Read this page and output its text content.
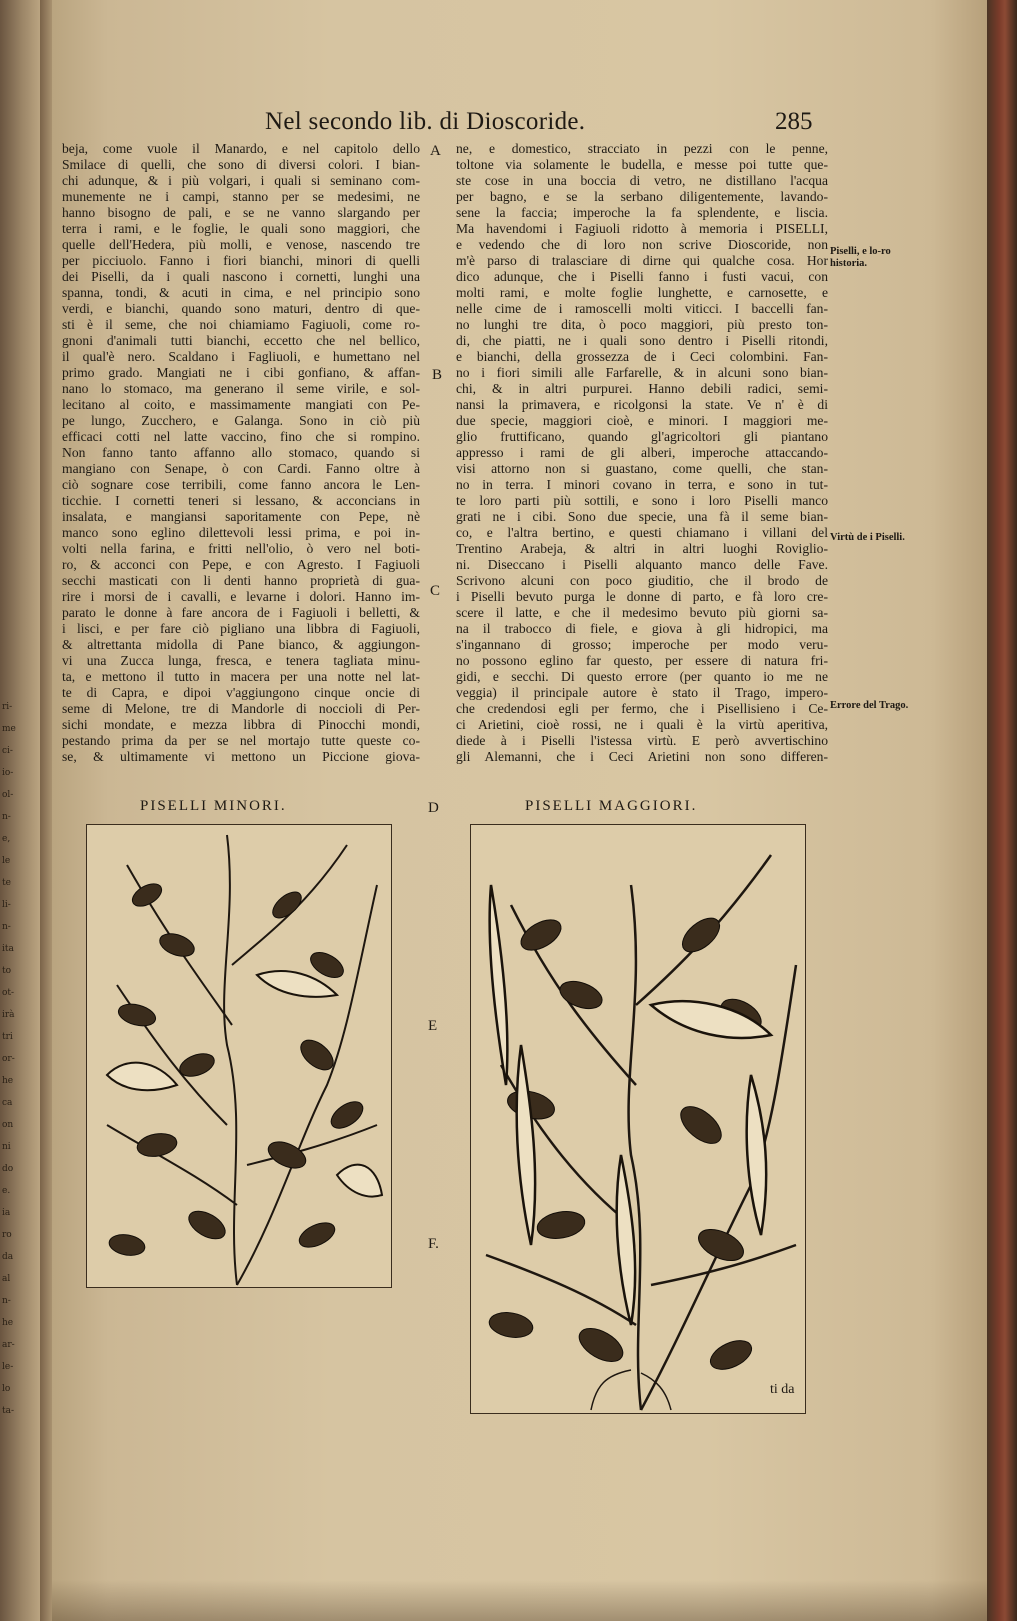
ri-
me
ci-
io-
ol-
n-
e,
le
te
li-
n-
ita
to
ot-
irà
tri
or-
he
ca
on
ni
do
e.
ia
ro
da
al
n-
he
ar-
le-
lo
ta-
Nel secondo lib. di Dioscoride.	285
beja, come vuole il Manardo, e nel capitolo dello
Smilace di quelli, che sono di diversi colori. I bian-
chi adunque, & i più volgari, i quali si seminano com-
munemente ne i campi, stanno per se medesimi, ne
hanno bisogno de pali, e se ne vanno slargando per
terra i rami, e le foglie, le quali sono maggiori, che
quelle dell'Hedera, più molli, e venose, nascendo tre
per picciuolo. Fanno i fiori bianchi, minori di quelli
dei Piselli, da i quali nascono i cornetti, lunghi una
spanna, tondi, & acuti in cima, e nel principio sono
verdi, e bianchi, quando sono maturi, dentro di que-
sti è il seme, che noi chiamiamo Fagiuoli, come ro-
gnoni d'animali tutti bianchi, eccetto che nel bellico,
il qual'è nero. Scaldano i Fagliuoli, e humettano nel
primo grado. Mangiati ne i cibi gonfiano, & affan-
nano lo stomaco, ma generano il seme virile, e sol-
lecitano al coito, e massimamente mangiati con Pe-
pe lungo, Zucchero, e Galanga. Sono in ciò più
efficaci cotti nel latte vaccino, fino che si rompino.
Non fanno tanto affanno allo stomaco, quando si
mangiano con Senape, ò con Cardi. Fanno oltre à
ciò sognare cose terribili, come fanno ancora le Len-
ticchie. I cornetti teneri si lessano, & acconcians in
insalata, e mangiansi saporitamente con Pepe, nè
manco sono eglino dilettevoli lessi prima, e poi in-
volti nella farina, e fritti nell'olio, ò vero nel boti-
ro, & acconci con Pepe, e con Agresto. I Fagiuoli
secchi masticati con li denti hanno proprietà di gua-
rire i morsi de i cavalli, e levarne i dolori. Hanno im-
parato le donne à fare ancora de i Fagiuoli i belletti, &
i lisci, e per fare ciò pigliano una libbra di Fagiuoli,
& altrettanta midolla di Pane bianco, & aggiungon-
vi una Zucca lunga, fresca, e tenera tagliata minu-
ta, e mettono il tutto in macera per una notte nel lat-
te di Capra, e dipoi v'aggiungono cinque oncie di
seme di Melone, tre di Mandorle di noccioli di Per-
sichi mondate, e mezza libbra di Pinocchi mondi,
pestando prima da per se nel mortajo tutte queste co-
se, & ultimamente vi mettono un Piccione giova-
ne, e domestico, stracciato in pezzi con le penne,
toltone via solamente le budella, e messe poi tutte que-
ste cose in una boccia di vetro, ne distillano l'acqua
per bagno, e se la serbano diligentemente, lavando-
sene la faccia; imperoche la fa splendente, e liscia.
Ma havendomi i Fagiuoli ridotto à memoria i PISELLI,
e vedendo che di loro non scrive Dioscoride, non
m'è parso di tralasciare di dirne qui qualche cosa. Hor
dico adunque, che i Piselli fanno i fusti vacui, con
molti rami, e molte foglie lunghette, e carnosette, e
nelle cime de i ramoscelli molti viticci. I baccelli fan-
no lunghi tre dita, ò poco maggiori, più presto ton-
di, che piatti, ne i quali sono dentro i Piselli ritondi,
e bianchi, della grossezza de i Ceci colombini. Fan-
no i fiori simili alle Farfarelle, & in alcuni sono bian-
chi, & in altri purpurei. Hanno debili radici, semi-
nansi la primavera, e ricolgonsi la state. Ve n' è di
due specie, maggiori cioè, e minori. I maggiori me-
glio fruttificano, quando gl'agricoltori gli piantano
appresso i rami de gli alberi, imperoche attaccando-
visi attorno non si guastano, come quelli, che stan-
no in terra. I minori covano in terra, e sono in tut-
te loro parti più sottili, e sono i loro Piselli manco
grati ne i cibi. Sono due specie, una fà il seme bian-
co, e l'altra bertino, e questi chiamano i villani del
Trentino Arabeja, & altri in altri luoghi Roviglio-
ni. Diseccano i Piselli alquanto manco delle Fave.
Scrivono alcuni con poco giuditio, che il brodo de
i Piselli bevuto purga le donne di parto, e fà loro cre-
scere il latte, e che il medesimo bevuto più giorni sa-
na il trabocco di fiele, e giova à gli hidropici, ma
s'ingannano di grosso; imperoche per modo veru-
no possono eglino far questo, per essere di natura fri-
gidi, e secchi. Di questo errore (per quanto io me ne
veggia) il principale autore è stato il Trago, impero-
che credendosi egli per fermo, che i Pisellisieno i Ce-
ci Arietini, cioè rossi, ne i quali è la virtù aperitiva,
diede à i Piselli l'istessa virtù. E però avvertischino
gli Alemanni, che i Ceci Arietini non sono differen-
A
B
C
D
E
F.
Piselli, e lo-ro historia.
Virtù de i Piselli.
Errore del Trago.
PISELLI MINORI.	PISELLI MAGGIORI.
ti da
